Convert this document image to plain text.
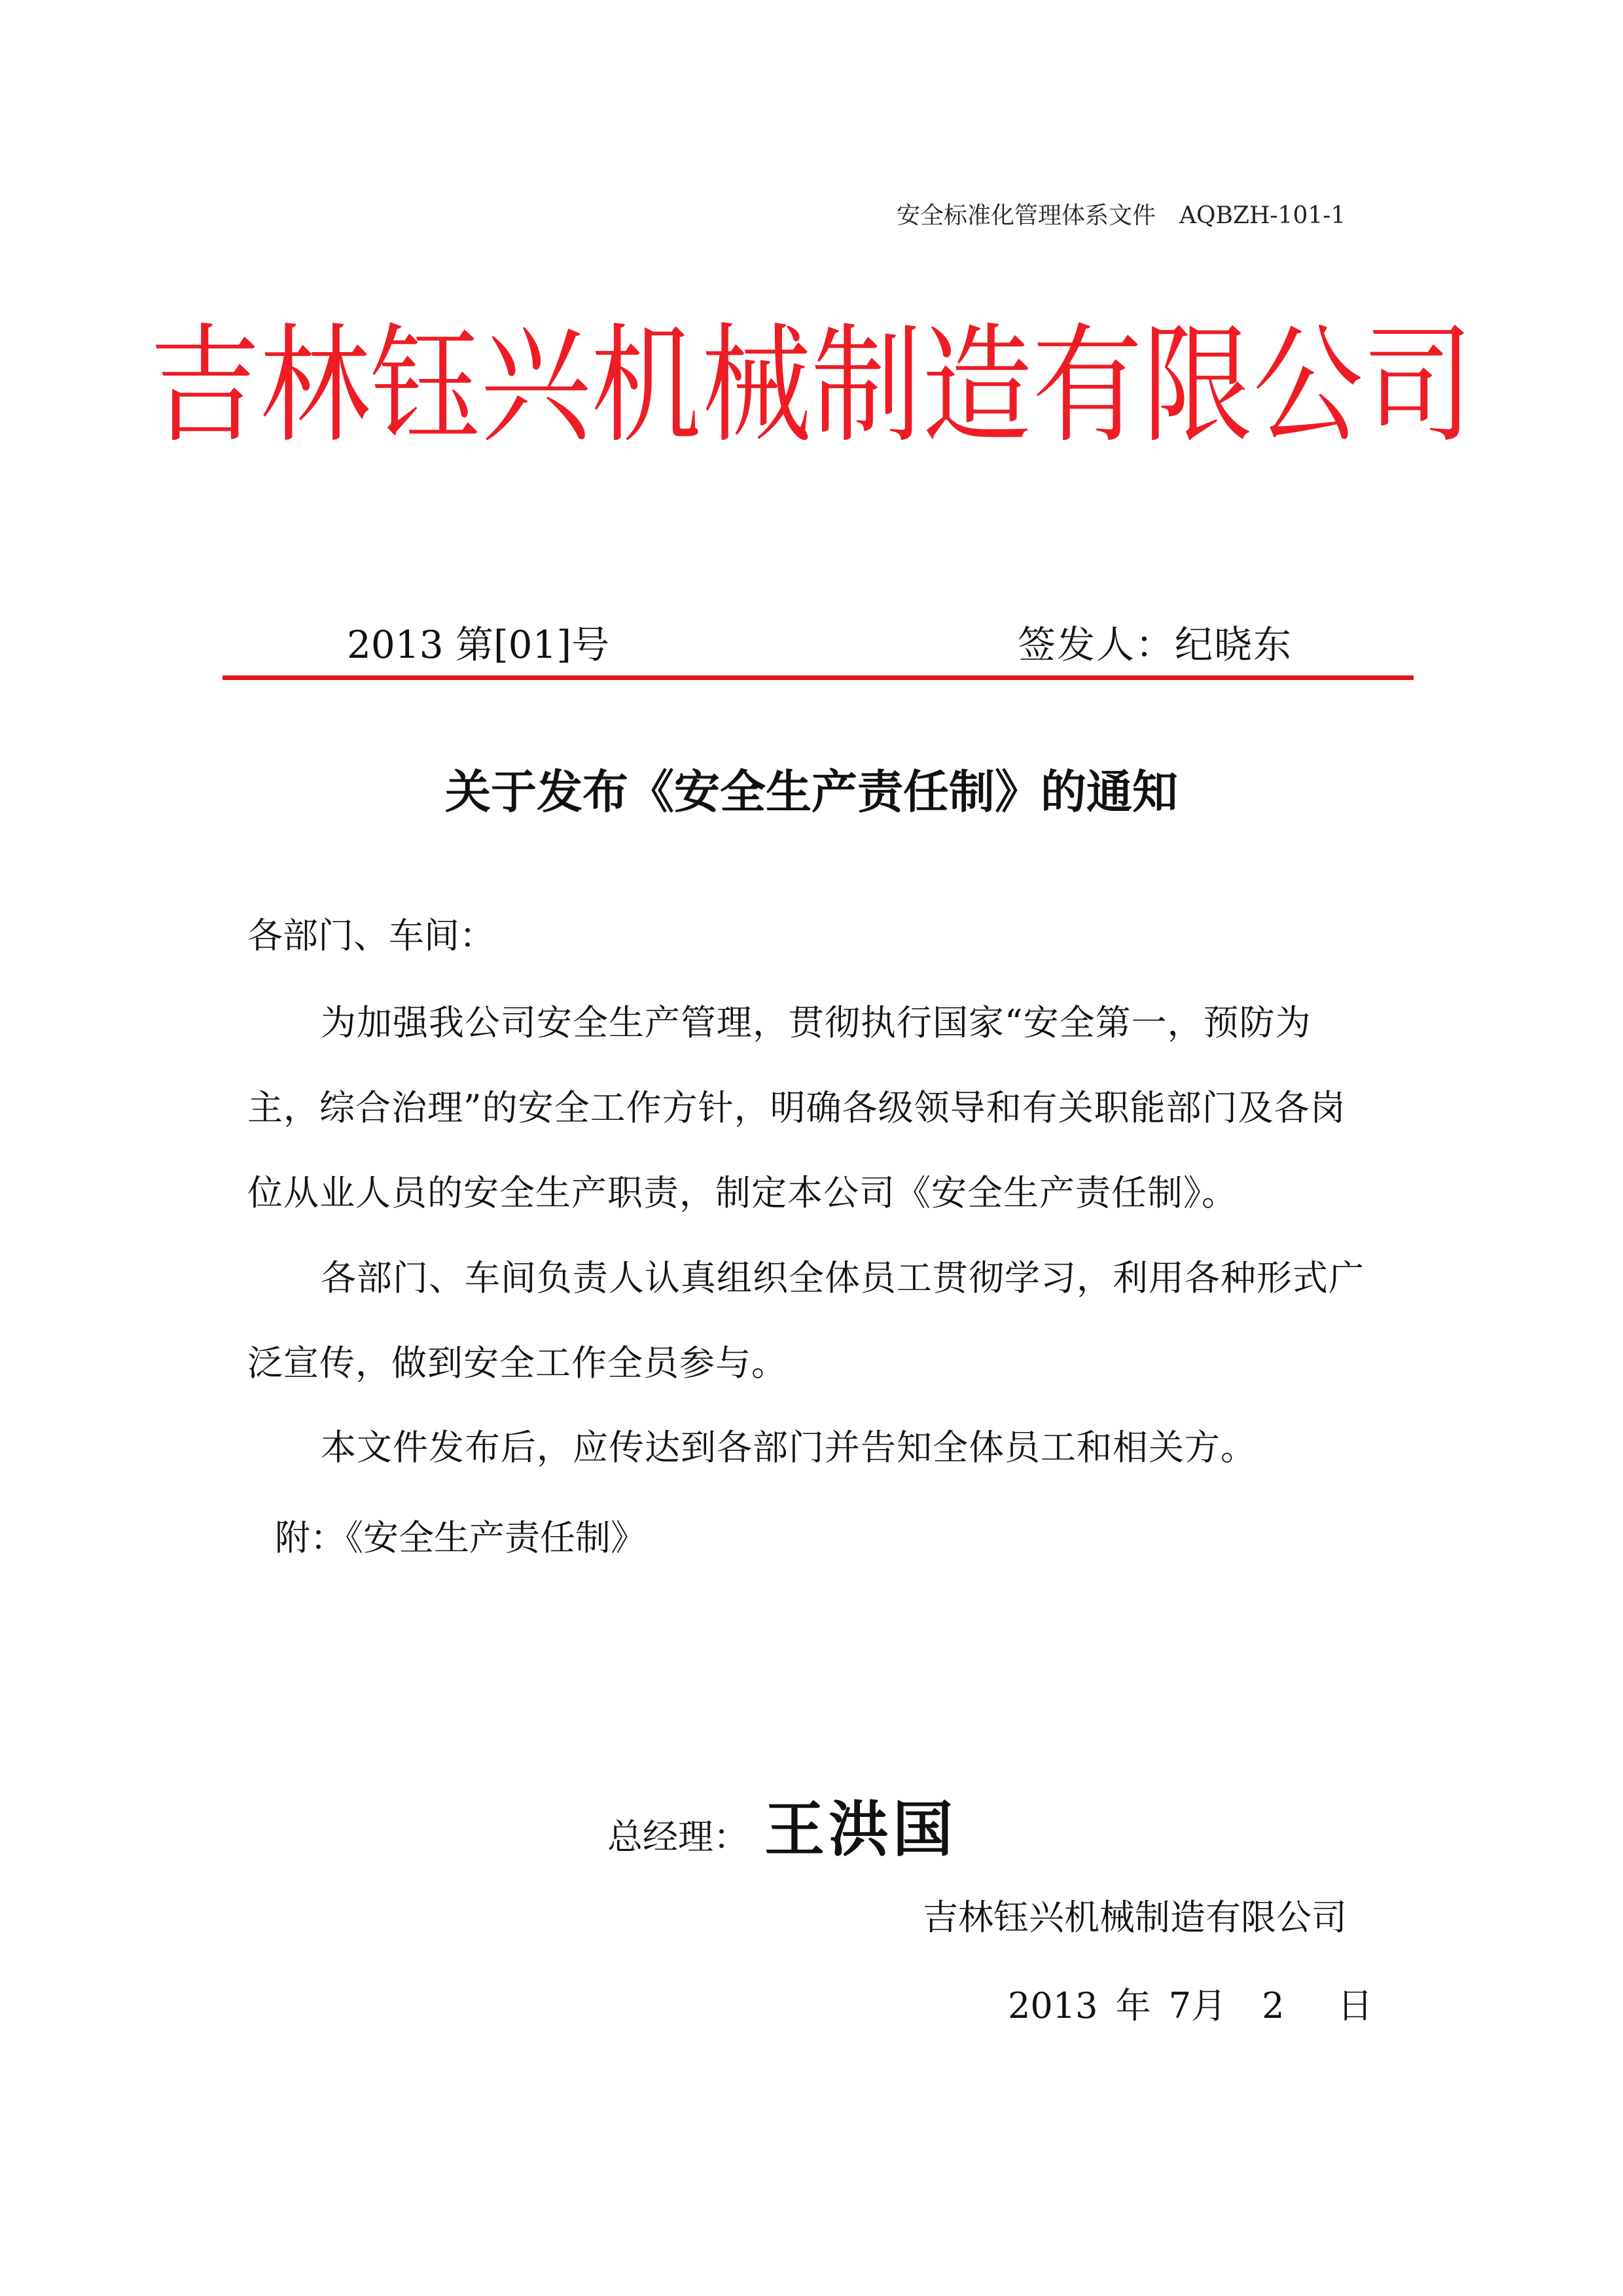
安全标准化管理体系文件　AQBZH-101-1
吉林钰兴机械制造有限公司
2013 第[01]号	签发人：纪晓东
关于发布《安全生产责任制》的通知
各部门、车间：
为加强我公司安全生产管理，贯彻执行国家“安全第一，预防为主，综合治理”的安全工作方针，明确各级领导和有关职能部门及各岗位从业人员的安全生产职责，制定本公司《安全生产责任制》。
各部门、车间负责人认真组织全体员工贯彻学习，利用各种形式广泛宣传，做到安全工作全员参与。
本文件发布后，应传达到各部门并告知全体员工和相关方。
附：《安全生产责任制》
总经理： 王洪国
吉林钰兴机械制造有限公司
2013 年 7月　2　 日
